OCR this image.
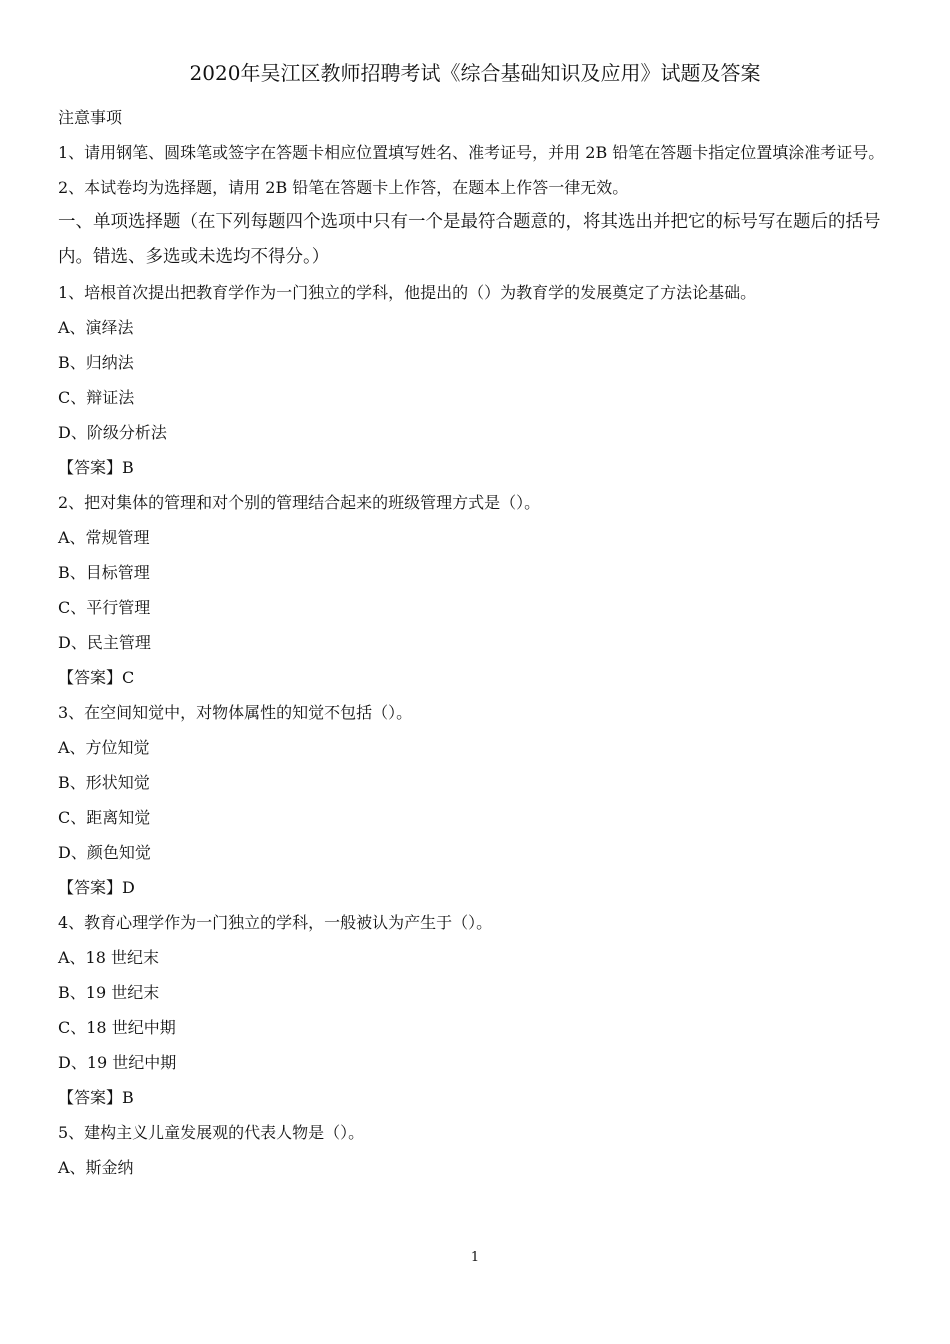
2020年吴江区教师招聘考试《综合基础知识及应用》试题及答案
注意事项
1、请用钢笔、圆珠笔或签字在答题卡相应位置填写姓名、准考证号，并用 2B 铅笔在答题卡指定位置填涂准考证号。
2、本试卷均为选择题，请用 2B 铅笔在答题卡上作答，在题本上作答一律无效。
一、单项选择题（在下列每题四个选项中只有一个是最符合题意的，将其选出并把它的标号写在题后的括号内。错选、多选或未选均不得分。）
1、培根首次提出把教育学作为一门独立的学科，他提出的（）为教育学的发展奠定了方法论基础。
A、演绎法
B、归纳法
C、辩证法
D、阶级分析法
【答案】B
2、把对集体的管理和对个别的管理结合起来的班级管理方式是（）。
A、常规管理
B、目标管理
C、平行管理
D、民主管理
【答案】C
3、在空间知觉中，对物体属性的知觉不包括（）。
A、方位知觉
B、形状知觉
C、距离知觉
D、颜色知觉
【答案】D
4、教育心理学作为一门独立的学科，一般被认为产生于（）。
A、18 世纪末
B、19 世纪末
C、18 世纪中期
D、19 世纪中期
【答案】B
5、建构主义儿童发展观的代表人物是（）。
A、斯金纳
1
